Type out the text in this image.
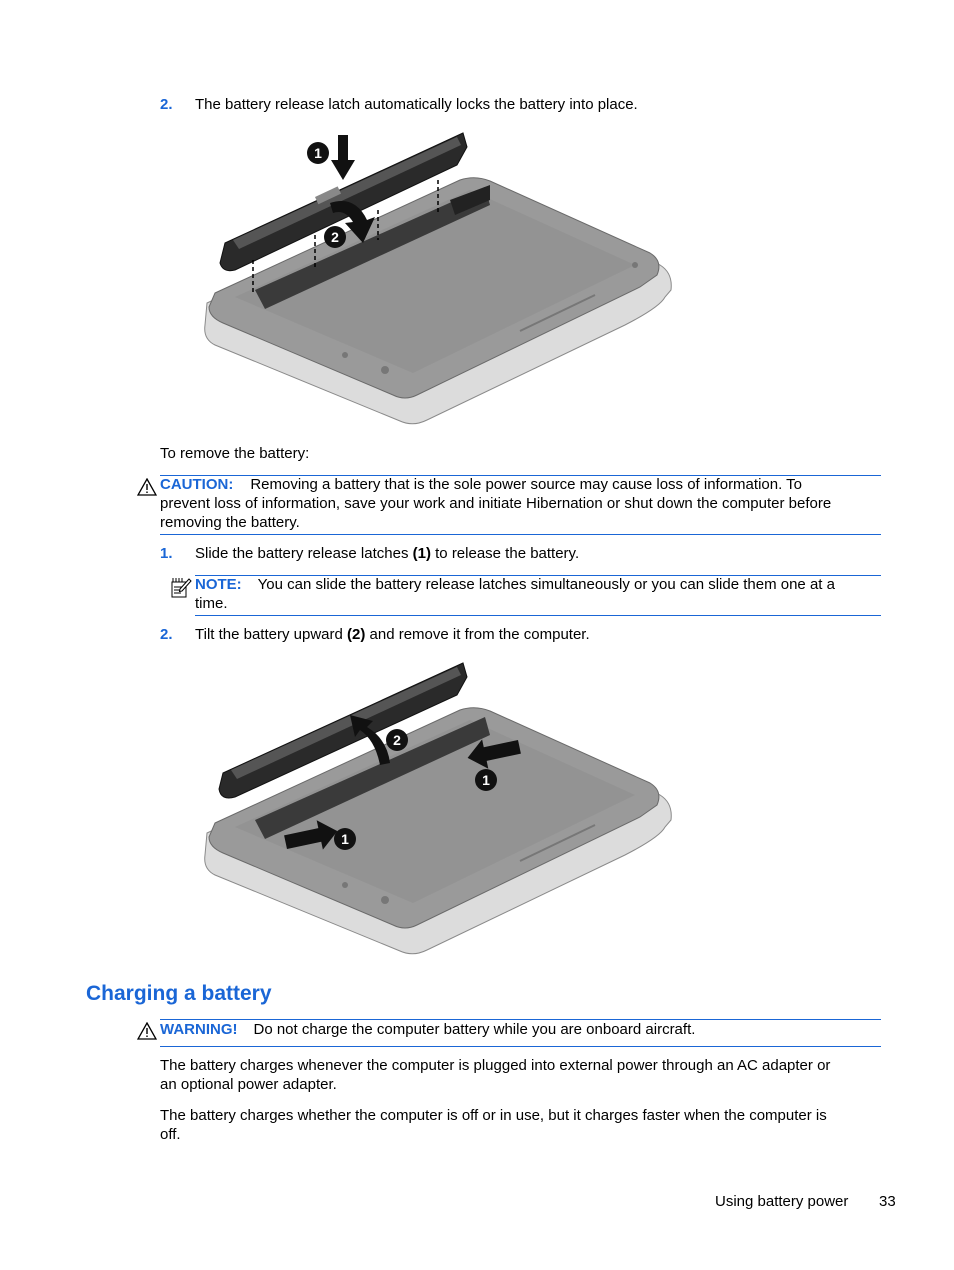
2. The battery release latch automatically locks the battery into place.
1
2
To remove the battery:
CAUTION: Removing a battery that is the sole power source may cause loss of information. To
prevent loss of information, save your work and initiate Hibernation or shut down the computer before
removing the battery.
1. Slide the battery release latches (1) to release the battery.
NOTE: You can slide the battery release latches simultaneously or you can slide them one at a
time.
2. Tilt the battery upward (2) and remove it from the computer.
2
1
1
Charging a battery
WARNING! Do not charge the computer battery while you are onboard aircraft.
The battery charges whenever the computer is plugged into external power through an AC adapter or
an optional power adapter.
The battery charges whether the computer is off or in use, but it charges faster when the computer is
off.
Using battery power 33
